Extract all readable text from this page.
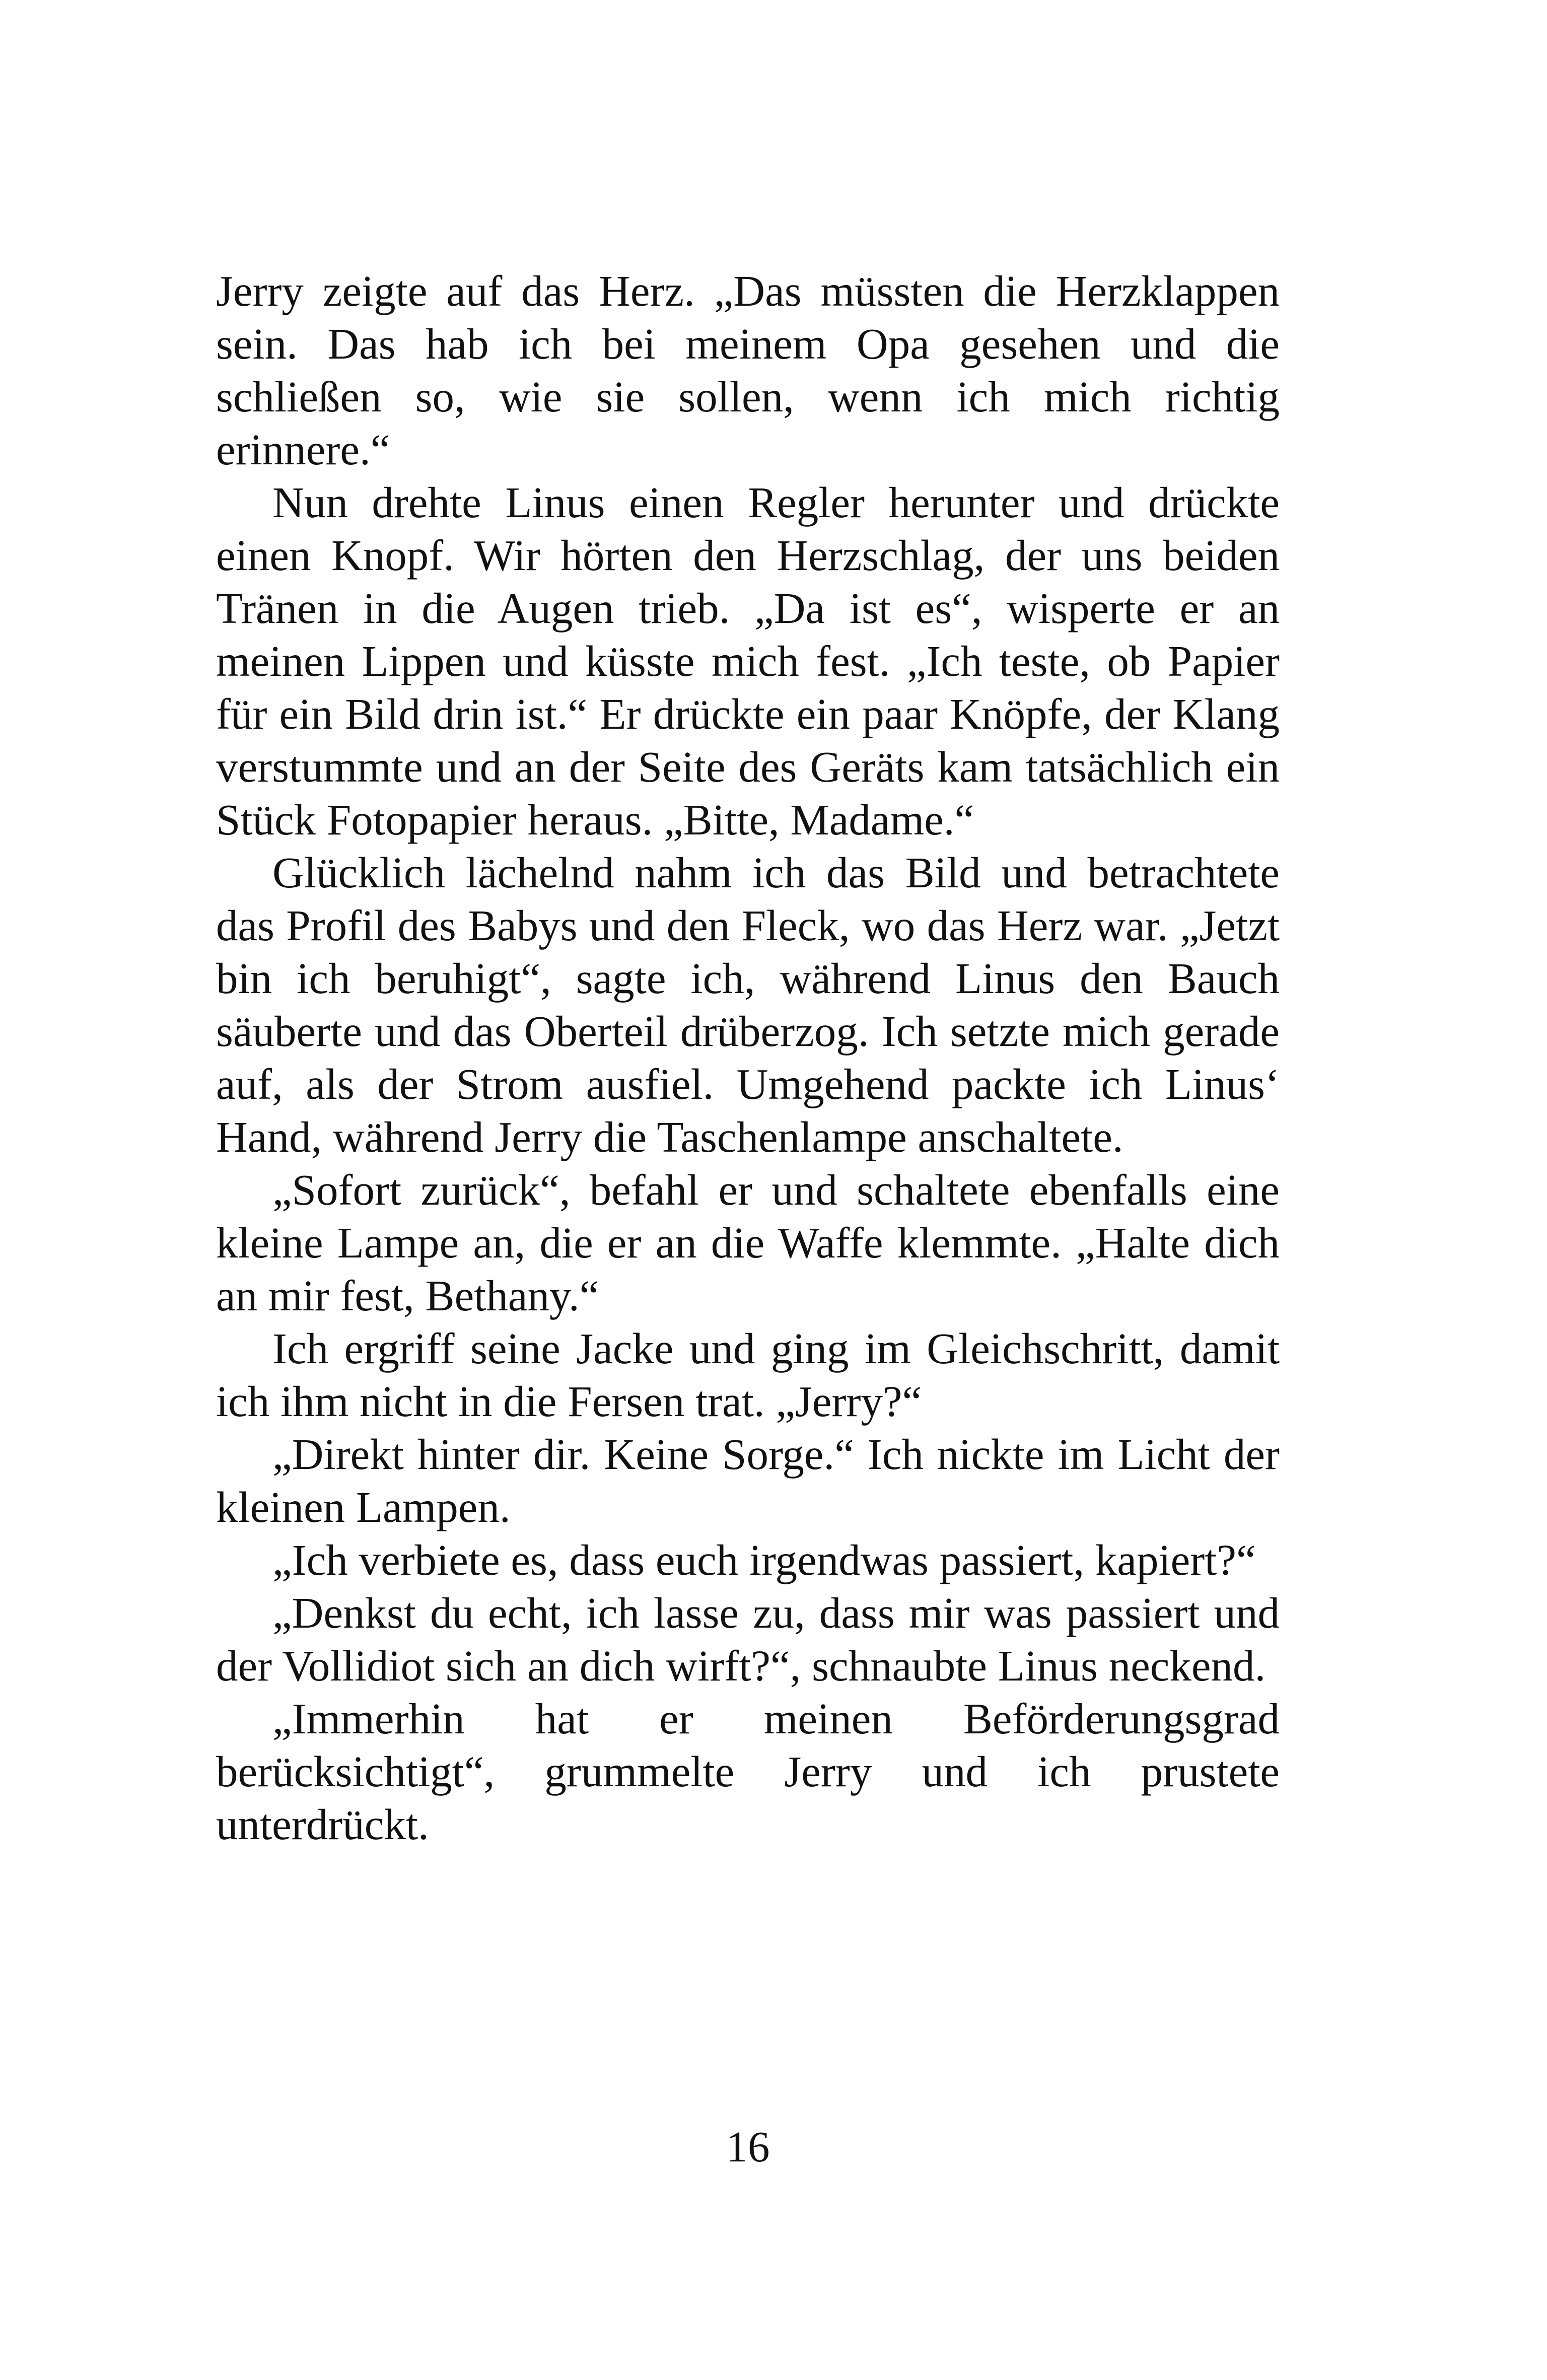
Jerry zeigte auf das Herz. „Das müssten die Herzklappen sein. Das hab ich bei meinem Opa gesehen und die schließen so, wie sie sollen, wenn ich mich richtig erinnere.“

Nun drehte Linus einen Regler herunter und drückte einen Knopf. Wir hörten den Herzschlag, der uns beiden Tränen in die Augen trieb. „Da ist es“, wisperte er an meinen Lippen und küsste mich fest. „Ich teste, ob Papier für ein Bild drin ist.“ Er drückte ein paar Knöpfe, der Klang verstummte und an der Seite des Geräts kam tatsächlich ein Stück Fotopapier heraus. „Bitte, Madame.“

Glücklich lächelnd nahm ich das Bild und betrachtete das Profil des Babys und den Fleck, wo das Herz war. „Jetzt bin ich beruhigt“, sagte ich, während Linus den Bauch säuberte und das Oberteil drüberzog. Ich setzte mich gerade auf, als der Strom ausfiel. Umgehend packte ich Linus‘ Hand, während Jerry die Taschenlampe anschaltete.

„Sofort zurück“, befahl er und schaltete ebenfalls eine kleine Lampe an, die er an die Waffe klemmte. „Halte dich an mir fest, Bethany.“

Ich ergriff seine Jacke und ging im Gleichschritt, damit ich ihm nicht in die Fersen trat. „Jerry?“

„Direkt hinter dir. Keine Sorge.“ Ich nickte im Licht der kleinen Lampen.

„Ich verbiete es, dass euch irgendwas passiert, kapiert?“

„Denkst du echt, ich lasse zu, dass mir was passiert und der Vollidiot sich an dich wirft?“, schnaubte Linus neckend.

„Immerhin hat er meinen Beförderungsgrad berücksichtigt“, grummelte Jerry und ich prustete unterdrückt.

16
